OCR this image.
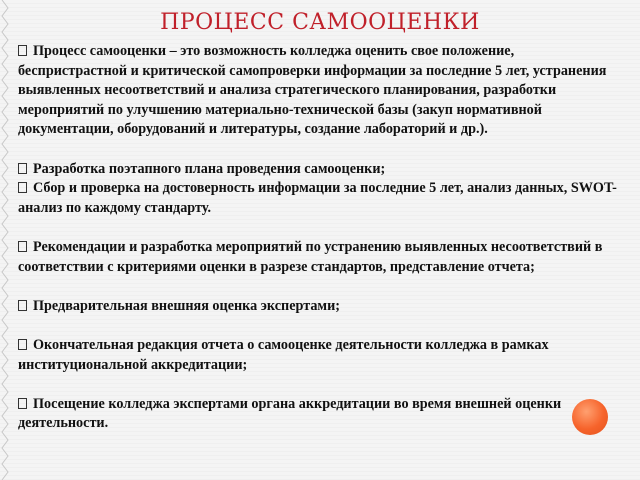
ПРОЦЕСС САМООЦЕНКИ

Процесс самооценки – это возможность колледжа оценить свое положение, беспристрастной и критической самопроверки информации за последние 5 лет, устранения выявленных несоответствий и анализа стратегического планирования, разработки мероприятий по улучшению материально-технической базы (закуп нормативной документации, оборудований и литературы, создание лабораторий и др.).

Разработка поэтапного плана проведения самооценки;

Сбор и проверка на достоверность информации за последние 5 лет, анализ данных, SWOT-анализ по каждому стандарту.

Рекомендации и разработка мероприятий по устранению выявленных несоответствий в соответствии с критериями оценки в разрезе стандартов, представление отчета;

Предварительная внешняя оценка экспертами;

Окончательная редакция отчета о самооценке деятельности колледжа в рамках институциональной аккредитации;

Посещение колледжа экспертами органа аккредитации во время внешней оценки деятельности.
